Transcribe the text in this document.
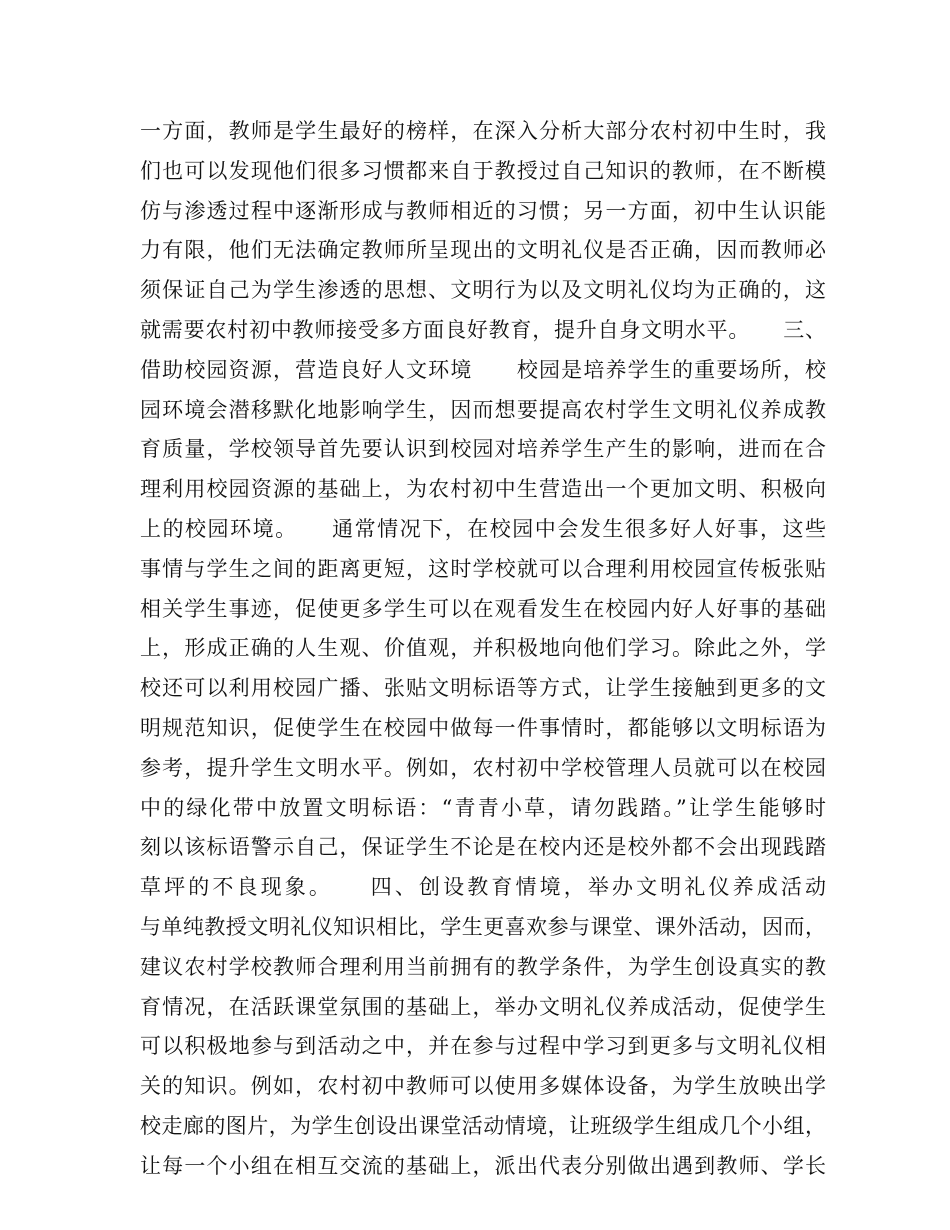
一方面，教师是学生最好的榜样，在深入分析大部分农村初中生时，我
们也可以发现他们很多习惯都来自于教授过自己知识的教师，在不断模
仿与渗透过程中逐渐形成与教师相近的习惯；另一方面，初中生认识能
力有限，他们无法确定教师所呈现出的文明礼仪是否正确，因而教师必
须保证自己为学生渗透的思想、文明行为以及文明礼仪均为正确的，这
就需要农村初中教师接受多方面良好教育，提升自身文明水平。　　三、
借助校园资源，营造良好人文环境　　校园是培养学生的重要场所，校
园环境会潜移默化地影响学生，因而想要提高农村学生文明礼仪养成教
育质量，学校领导首先要认识到校园对培养学生产生的影响，进而在合
理利用校园资源的基础上，为农村初中生营造出一个更加文明、积极向
上的校园环境。　　通常情况下，在校园中会发生很多好人好事，这些
事情与学生之间的距离更短，这时学校就可以合理利用校园宣传板张贴
相关学生事迹，促使更多学生可以在观看发生在校园内好人好事的基础
上，形成正确的人生观、价值观，并积极地向他们学习。除此之外，学
校还可以利用校园广播、张贴文明标语等方式，让学生接触到更多的文
明规范知识，促使学生在校园中做每一件事情时，都能够以文明标语为
参考，提升学生文明水平。例如，农村初中学校管理人员就可以在校园
中的绿化带中放置文明标语：“青青小草，请勿践踏。”让学生能够时
刻以该标语警示自己，保证学生不论是在校内还是校外都不会出现践踏
草坪的不良现象。　　四、创设教育情境，举办文明礼仪养成活动
与单纯教授文明礼仪知识相比，学生更喜欢参与课堂、课外活动，因而，
建议农村学校教师合理利用当前拥有的教学条件，为学生创设真实的教
育情况，在活跃课堂氛围的基础上，举办文明礼仪养成活动，促使学生
可以积极地参与到活动之中，并在参与过程中学习到更多与文明礼仪相
关的知识。例如，农村初中教师可以使用多媒体设备，为学生放映出学
校走廊的图片，为学生创设出课堂活动情境，让班级学生组成几个小组，
让每一个小组在相互交流的基础上，派出代表分别做出遇到教师、学长
